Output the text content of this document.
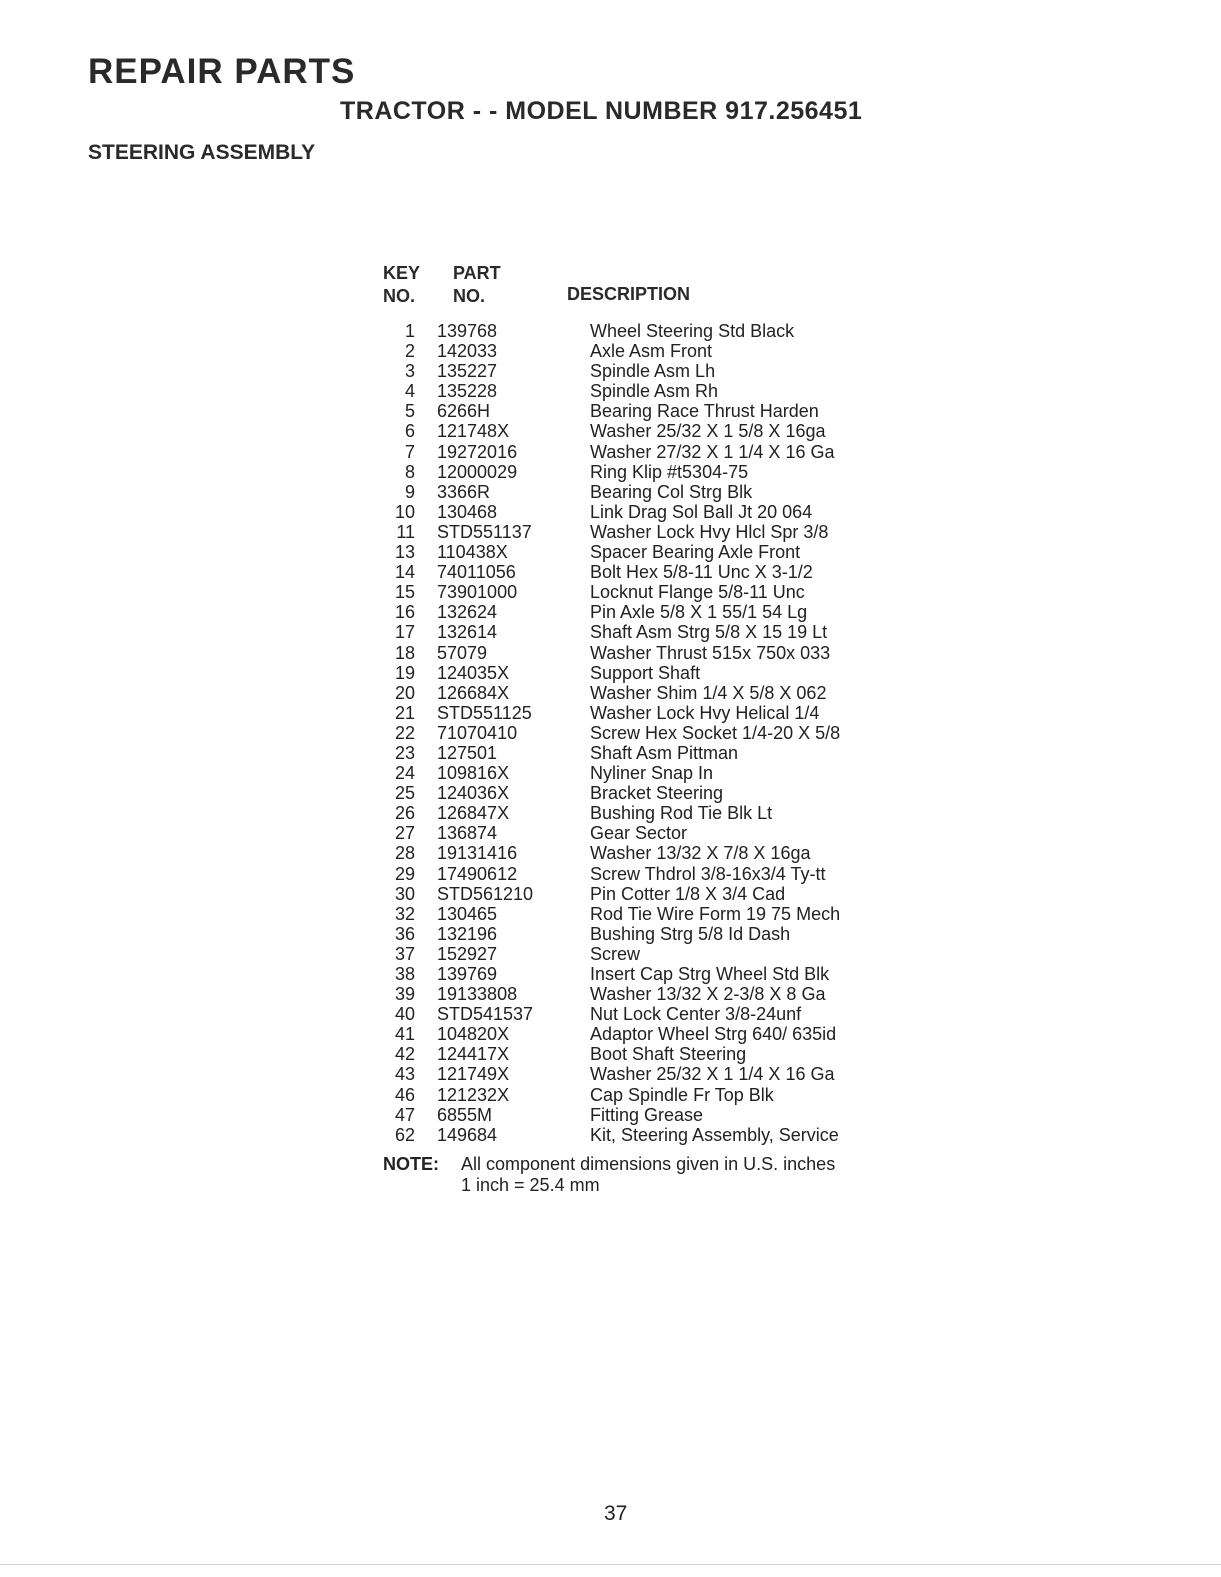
REPAIR PARTS
TRACTOR - - MODEL NUMBER 917.256451
STEERING ASSEMBLY
KEY
NO.
PART
NO.	DESCRIPTION
1 139768	Wheel Steering Std Black
2 142033	Axle Asm Front
3 135227	Spindle Asm Lh
4 135228	Spindle Asm Rh
5 6266H	Bearing Race Thrust Harden
6 121748X	Washer 25/32 X 1 5/8 X 16ga
7 19272016	Washer 27/32 X 1 1/4 X 16 Ga
8 12000029	Ring Klip #t5304-75
9 3366R	Bearing Col Strg Blk
10 130468	Link Drag Sol Ball Jt 20 064
11 STD551137	Washer Lock Hvy Hlcl Spr 3/8
13 110438X	Spacer Bearing Axle Front
14 74011056	Bolt Hex 5/8-11 Unc X 3-1/2
15 73901000	Locknut Flange 5/8-11 Unc
16 132624	Pin Axle 5/8 X 1 55/1 54 Lg
17 132614	Shaft Asm Strg 5/8 X 15 19 Lt
18 57079	Washer Thrust 515x 750x 033
19 124035X	Support Shaft
20 126684X	Washer Shim 1/4 X 5/8 X 062
21 STD551125	Washer Lock Hvy Helical 1/4
22 71070410	Screw Hex Socket 1/4-20 X 5/8
23 127501	Shaft Asm Pittman
24 109816X	Nyliner Snap In
25 124036X	Bracket Steering
26 126847X	Bushing Rod Tie Blk Lt
27 136874	Gear Sector
28 19131416	Washer 13/32 X 7/8 X 16ga
29 17490612	Screw Thdrol 3/8-16x3/4 Ty-tt
30 STD561210	Pin Cotter 1/8 X 3/4 Cad
32 130465	Rod Tie Wire Form 19 75 Mech
36 132196	Bushing Strg 5/8 Id Dash
37 152927	Screw
38 139769	Insert Cap Strg Wheel Std Blk
39 19133808	Washer 13/32 X 2-3/8 X 8 Ga
40 STD541537	Nut Lock Center 3/8-24unf
41 104820X	Adaptor Wheel Strg 640/ 635id
42 124417X	Boot Shaft Steering
43 121749X	Washer 25/32 X 1 1/4 X 16 Ga
46 121232X	Cap Spindle Fr Top Blk
47 6855M	Fitting Grease
62 149684	Kit, Steering Assembly, Service
NOTE: All component dimensions given in U.S. inches
1 inch = 25.4 mm
37
